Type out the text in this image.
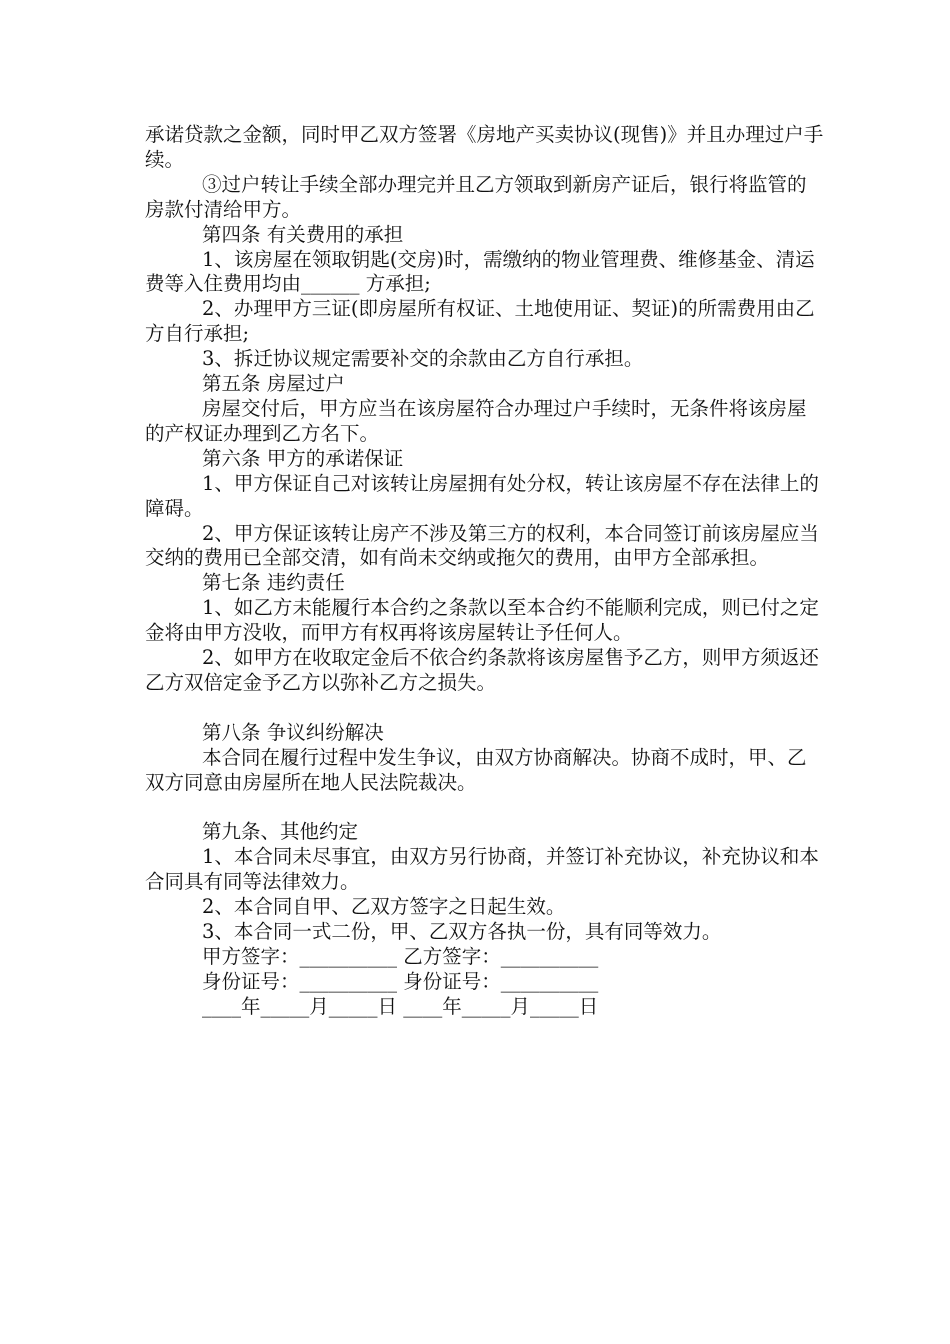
承诺贷款之金额，同时甲乙双方签署《房地产买卖协议(现售)》并且办理过户手续。

③过户转让手续全部办理完并且乙方领取到新房产证后，银行将监管的房款付清给甲方。

第四条 有关费用的承担

1、该房屋在领取钥匙(交房)时，需缴纳的物业管理费、维修基金、清运费等入住费用均由______ 方承担;

2、办理甲方三证(即房屋所有权证、土地使用证、契证)的所需费用由乙方自行承担;

3、拆迁协议规定需要补交的余款由乙方自行承担。

第五条 房屋过户

房屋交付后，甲方应当在该房屋符合办理过户手续时，无条件将该房屋的产权证办理到乙方名下。

第六条 甲方的承诺保证

1、甲方保证自己对该转让房屋拥有处分权，转让该房屋不存在法律上的障碍。

2、甲方保证该转让房产不涉及第三方的权利，本合同签订前该房屋应当交纳的费用已全部交清，如有尚未交纳或拖欠的费用，由甲方全部承担。

第七条 违约责任

1、如乙方未能履行本合约之条款以至本合约不能顺利完成，则已付之定金将由甲方没收，而甲方有权再将该房屋转让予任何人。

2、如甲方在收取定金后不依合约条款将该房屋售予乙方，则甲方须返还乙方双倍定金予乙方以弥补乙方之损失。

第八条 争议纠纷解决

本合同在履行过程中发生争议，由双方协商解决。协商不成时，甲、乙双方同意由房屋所在地人民法院裁决。

第九条、其他约定

1、本合同未尽事宜，由双方另行协商，并签订补充协议，补充协议和本合同具有同等法律效力。

2、本合同自甲、乙双方签字之日起生效。

3、本合同一式二份，甲、乙双方各执一份，具有同等效力。

甲方签字：__________ 乙方签字：__________

身份证号：__________ 身份证号：__________

____年_____月_____日 ____年_____月_____日
